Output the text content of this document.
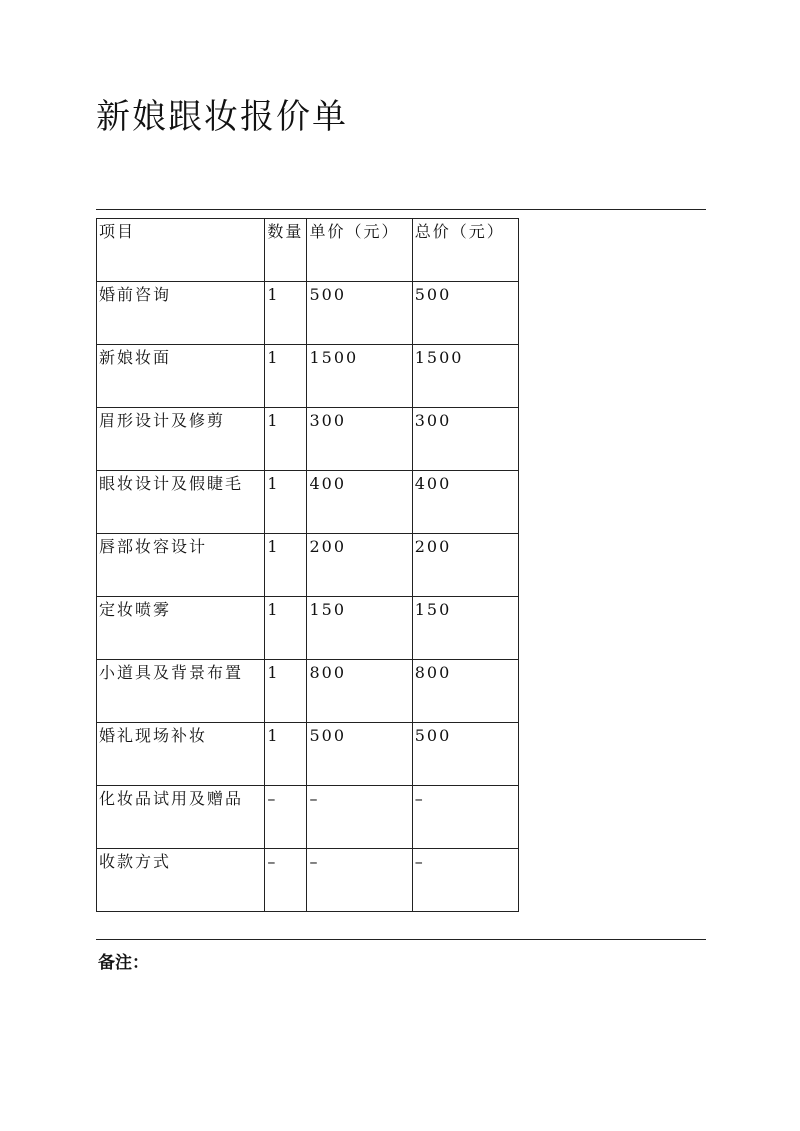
新娘跟妆报价单
项目	数量	单价（元）	总价（元）
婚前咨询	1	500	500
新娘妆面	1	1500	1500
眉形设计及修剪	1	300	300
眼妆设计及假睫毛	1	400	400
唇部妆容设计	1	200	200
定妆喷雾	1	150	150
小道具及背景布置	1	800	800
婚礼现场补妆	1	500	500
化妆品试用及赠品	–	–	–
收款方式	–	–	–
备注：
